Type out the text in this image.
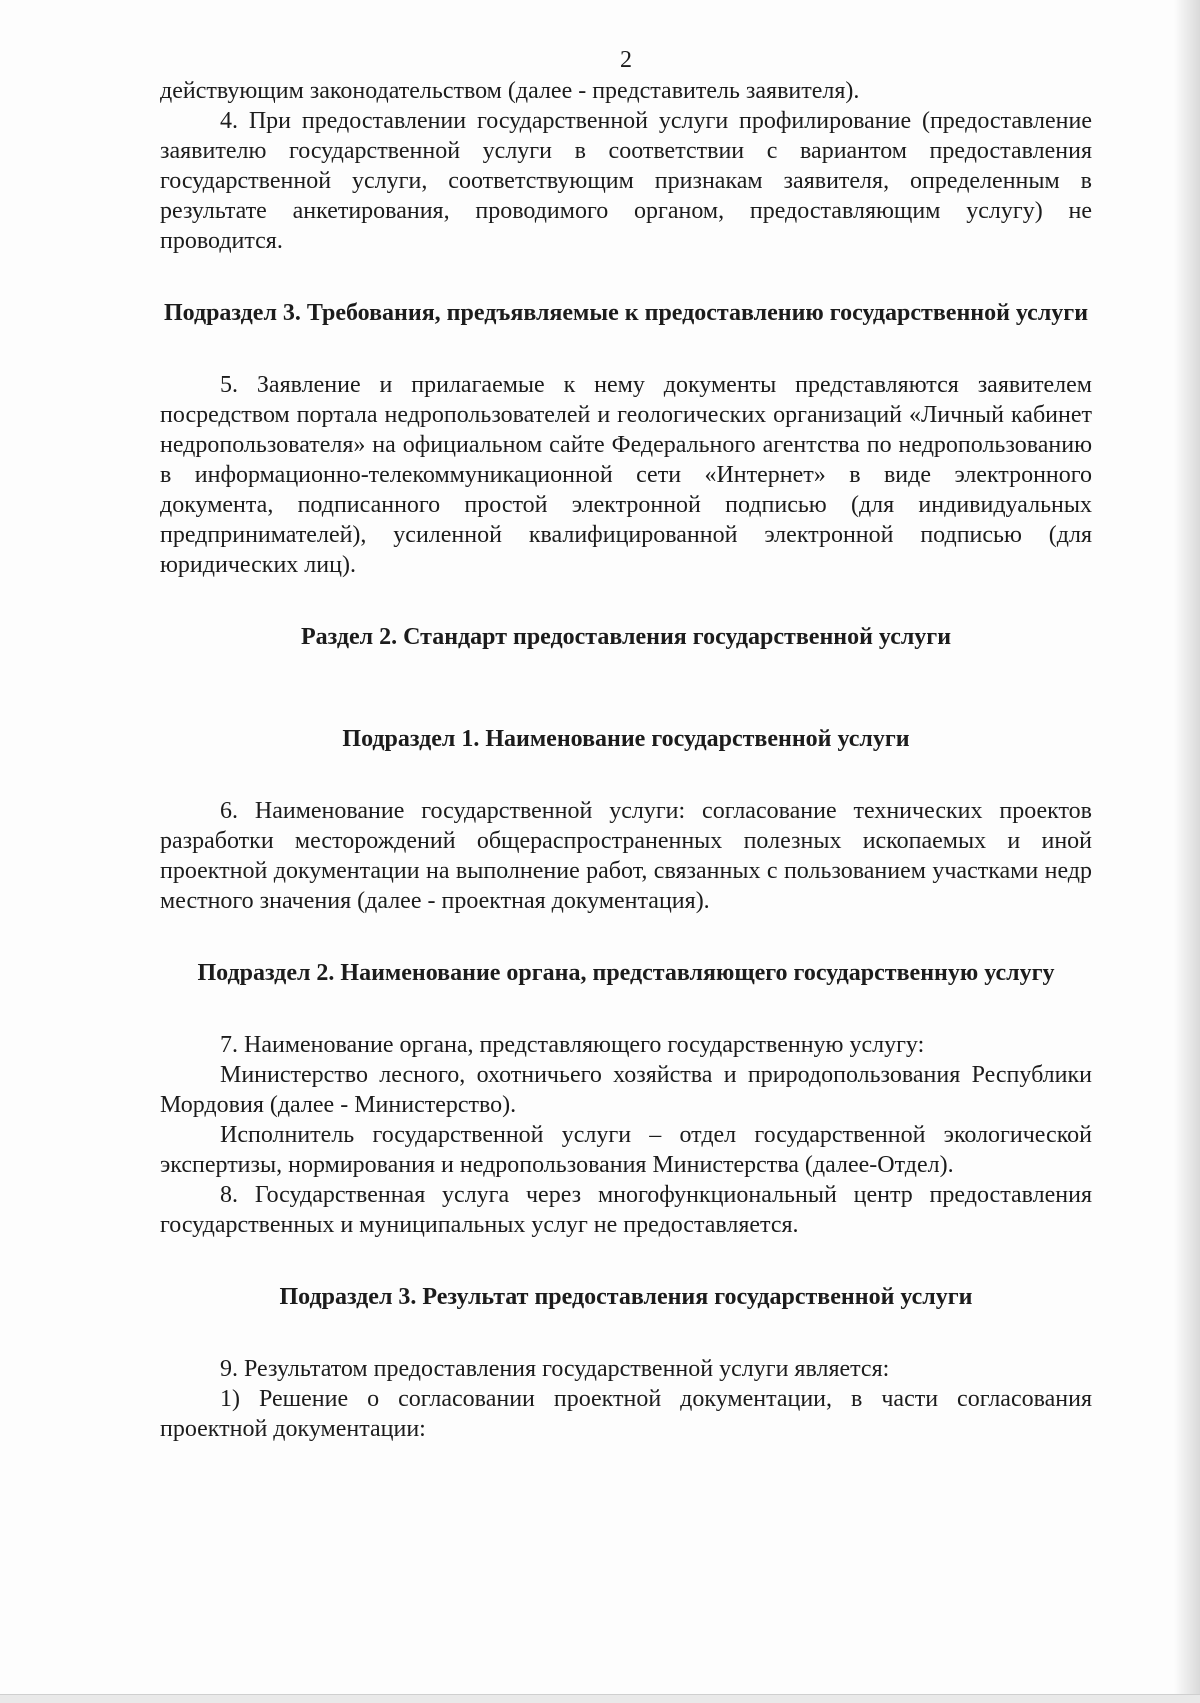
2

действующим законодательством (далее - представитель заявителя).

4. При предоставлении государственной услуги профилирование (предоставление заявителю государственной услуги в соответствии с вариантом предоставления государственной услуги, соответствующим признакам заявителя, определенным в результате анкетирования, проводимого органом, предоставляющим услугу) не проводится.

Подраздел 3. Требования, предъявляемые к предоставлению государственной услуги

5. Заявление и прилагаемые к нему документы представляются заявителем посредством портала недропользователей и геологических организаций «Личный кабинет недропользователя» на официальном сайте Федерального агентства по недропользованию в информационно-телекоммуникационной сети «Интернет» в виде электронного документа, подписанного простой электронной подписью (для индивидуальных предпринимателей), усиленной квалифицированной электронной подписью (для юридических лиц).

Раздел 2. Стандарт предоставления государственной услуги

Подраздел 1. Наименование государственной услуги

6. Наименование государственной услуги: согласование технических проектов разработки месторождений общераспространенных полезных ископаемых и иной проектной документации на выполнение работ, связанных с пользованием участками недр местного значения (далее - проектная документация).

Подраздел 2. Наименование органа, представляющего государственную услугу

7. Наименование органа, представляющего государственную услугу:

Министерство лесного, охотничьего хозяйства и природопользования Республики Мордовия (далее - Министерство).

Исполнитель государственной услуги – отдел государственной экологической экспертизы, нормирования и недропользования Министерства (далее-Отдел).

8. Государственная услуга через многофункциональный центр предоставления государственных и муниципальных услуг не предоставляется.

Подраздел 3. Результат предоставления государственной услуги

9. Результатом предоставления государственной услуги является:

1) Решение о согласовании проектной документации, в части согласования проектной документации:
